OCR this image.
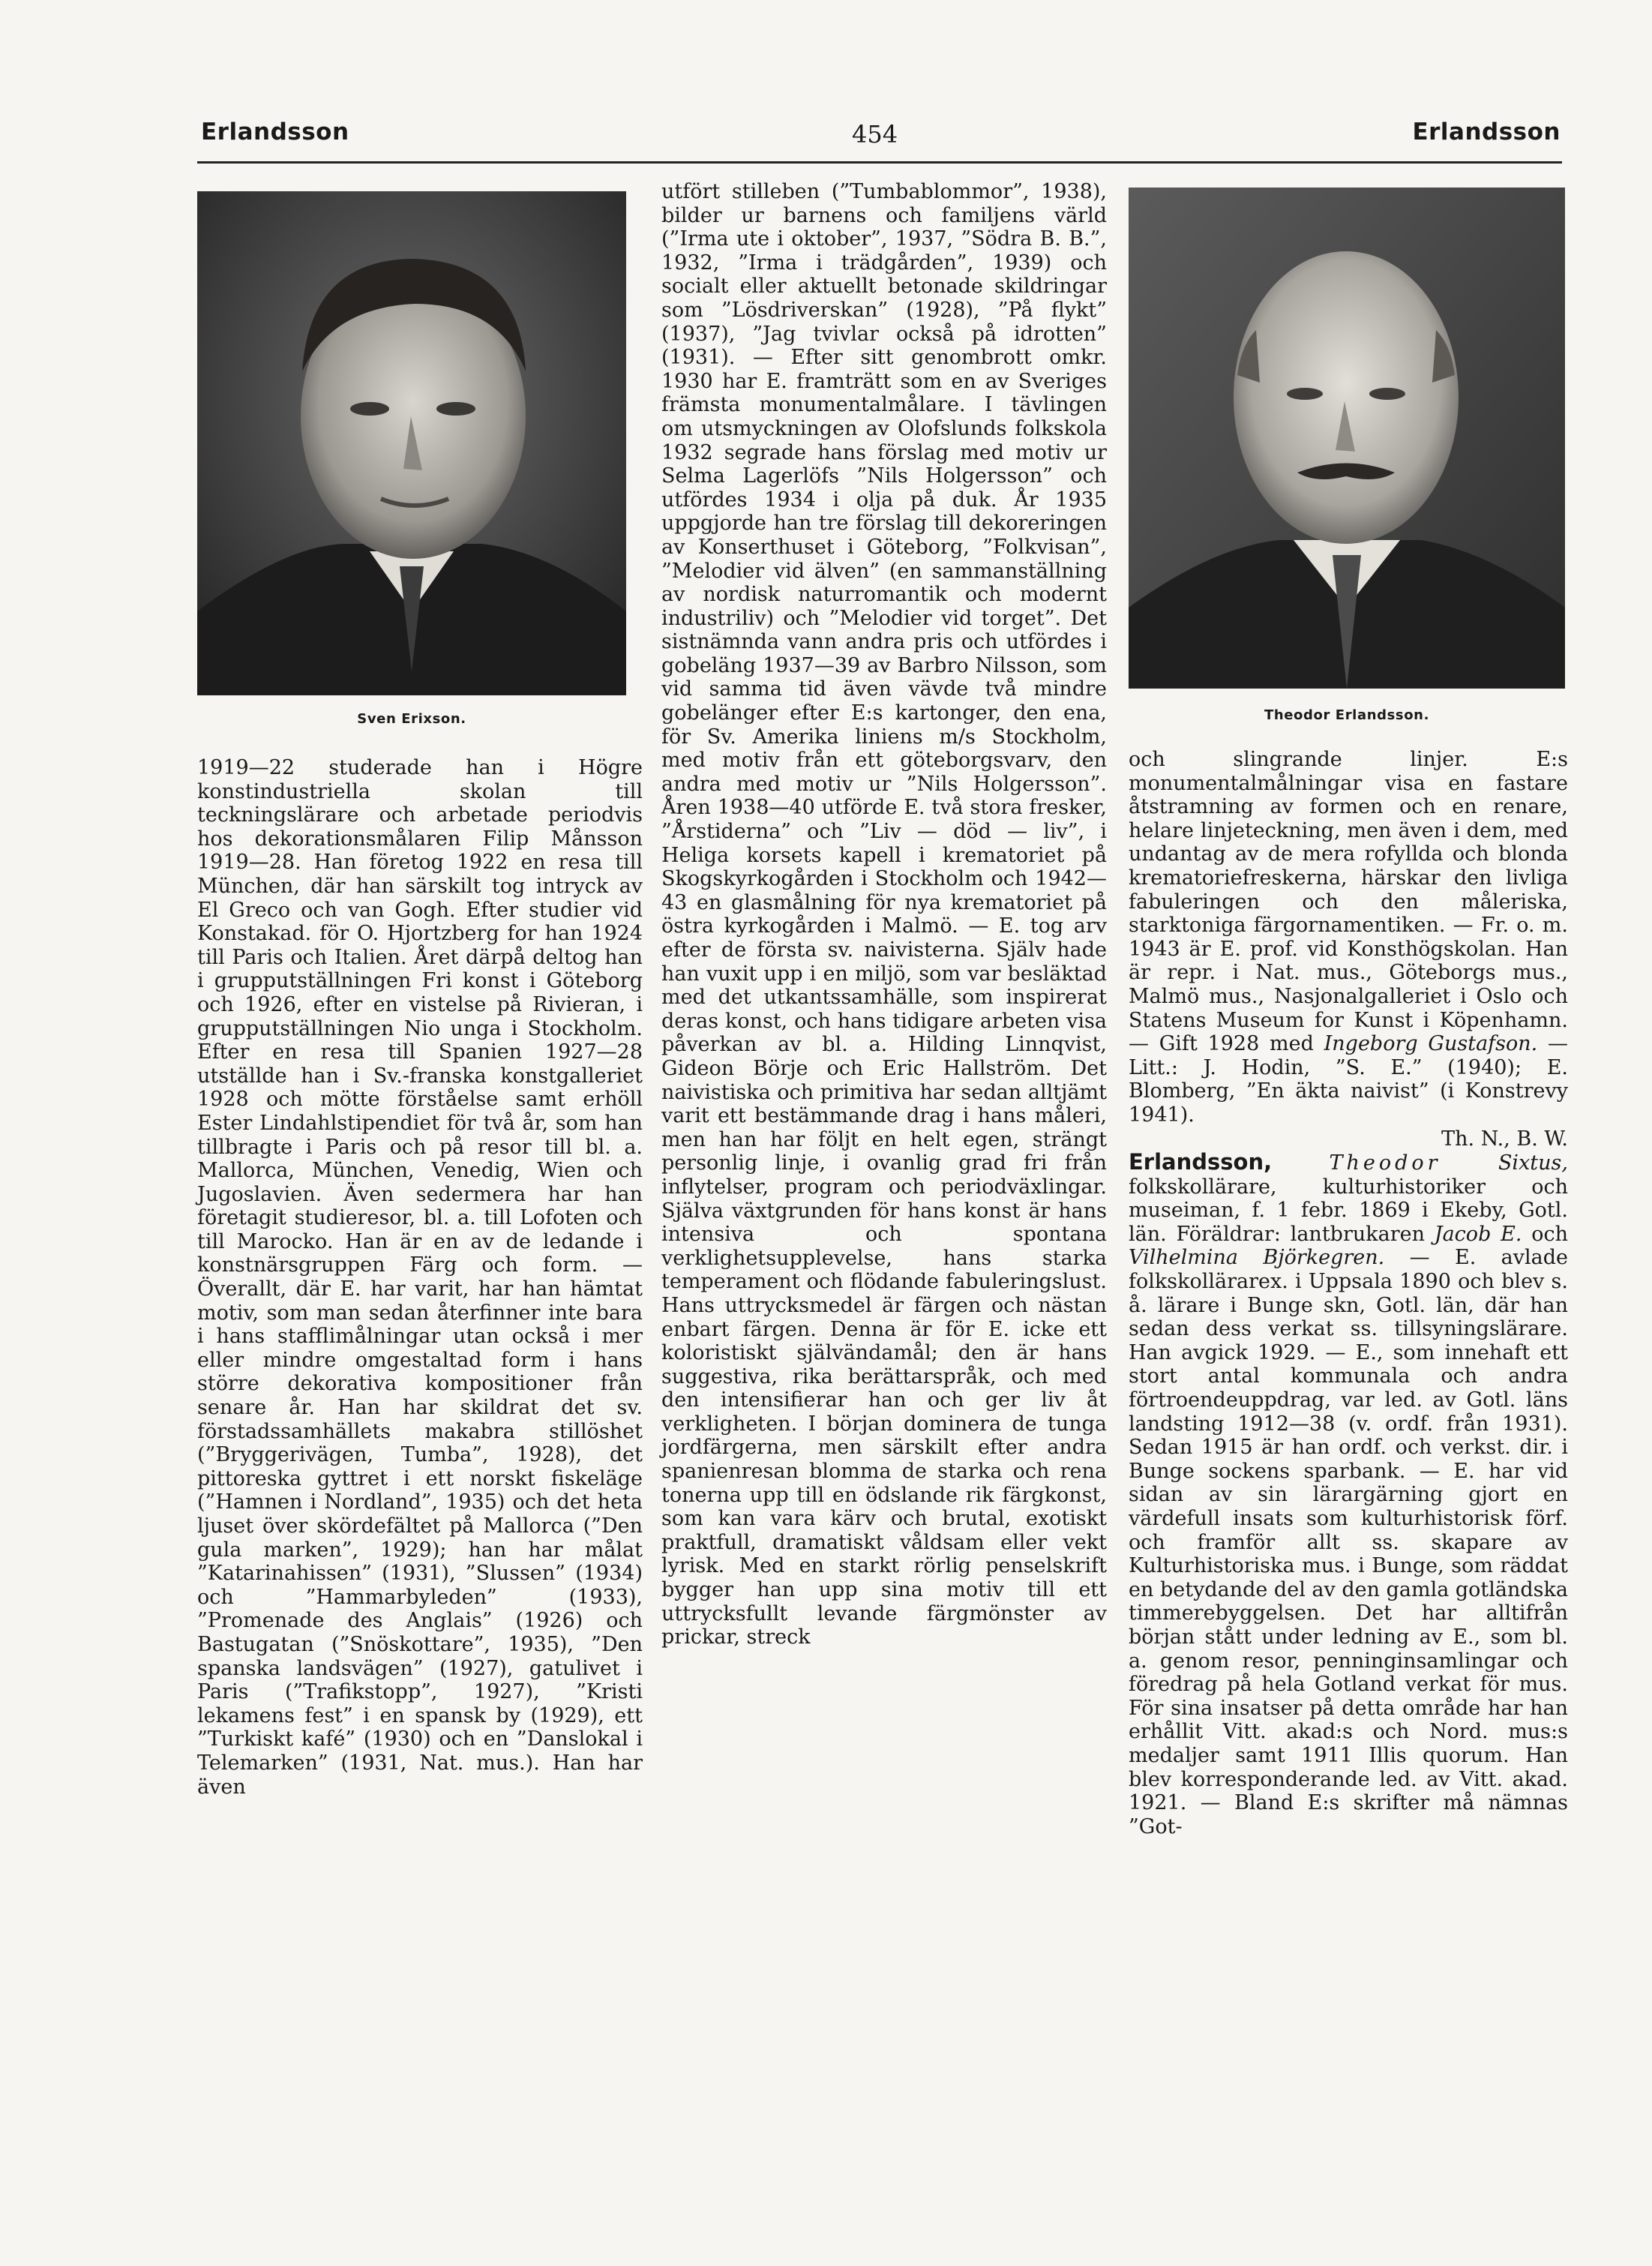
Erlandsson	454	Erlandsson
Sven Erixson.	Theodor Erlandsson.

1919—22 studerade han i Högre konstindustriella skolan till teckningslärare och arbetade periodvis hos dekorationsmålaren Filip Månsson 1919—28. Han företog 1922 en resa till München, där han särskilt tog intryck av El Greco och van Gogh. Efter studier vid Konstakad. för O. Hjortzberg for han 1924 till Paris och Italien. Året därpå deltog han i grupputställningen Fri konst i Göteborg och 1926, efter en vistelse på Rivieran, i grupputställningen Nio unga i Stockholm. Efter en resa till Spanien 1927—28 utställde han i Sv.-franska konstgalleriet 1928 och mötte förståelse samt erhöll Ester Lindahlstipendiet för två år, som han tillbragte i Paris och på resor till bl. a. Mallorca, München, Venedig, Wien och Jugoslavien. Även sedermera har han företagit studieresor, bl. a. till Lofoten och till Marocko. Han är en av de ledande i konstnärsgruppen Färg och form. — Överallt, där E. har varit, har han hämtat motiv, som man sedan återfinner inte bara i hans stafflimålningar utan också i mer eller mindre omgestaltad form i hans större dekorativa kompositioner från senare år. Han har skildrat det sv. förstadssamhällets makabra stillöshet (”Bryggerivägen, Tumba”, 1928), det pittoreska gyttret i ett norskt fiskeläge (”Hamnen i Nordland”, 1935) och det heta ljuset över skördefältet på Mallorca (”Den gula marken”, 1929); han har målat ”Katarinahissen” (1931), ”Slussen” (1934) och ”Hammarbyleden” (1933), ”Promenade des Anglais” (1926) och Bastugatan (”Snöskottare”, 1935), ”Den spanska landsvägen” (1927), gatulivet i Paris (”Trafikstopp”, 1927), ”Kristi lekamens fest” i en spansk by (1929), ett ”Turkiskt kafé” (1930) och en ”Danslokal i Telemarken” (1931, Nat. mus.). Han har även

utfört stilleben (”Tumbablommor”, 1938), bilder ur barnens och familjens värld (”Irma ute i oktober”, 1937, ”Södra B. B.”, 1932, ”Irma i trädgården”, 1939) och socialt eller aktuellt betonade skildringar som ”Lösdriverskan” (1928), ”På flykt” (1937), ”Jag tvivlar också på idrotten” (1931). — Efter sitt genombrott omkr. 1930 har E. framträtt som en av Sveriges främsta monumentalmålare. I tävlingen om utsmyckningen av Olofslunds folkskola 1932 segrade hans förslag med motiv ur Selma Lagerlöfs ”Nils Holgersson” och utfördes 1934 i olja på duk. År 1935 uppgjorde han tre förslag till dekoreringen av Konserthuset i Göteborg, ”Folkvisan”, ”Melodier vid älven” (en sammanställning av nordisk naturromantik och modernt industriliv) och ”Melodier vid torget”. Det sistnämnda vann andra pris och utfördes i gobeläng 1937—39 av Barbro Nilsson, som vid samma tid även vävde två mindre gobelänger efter E:s kartonger, den ena, för Sv. Amerika liniens m/s Stockholm, med motiv från ett göteborgsvarv, den andra med motiv ur ”Nils Holgersson”. Åren 1938—40 utförde E. två stora fresker, ”Årstiderna” och ”Liv — död — liv”, i Heliga korsets kapell i krematoriet på Skogskyrkogården i Stockholm och 1942—43 en glasmålning för nya krematoriet på östra kyrkogården i Malmö. — E. tog arv efter de första sv. naivisterna. Själv hade han vuxit upp i en miljö, som var besläktad med det utkantssamhälle, som inspirerat deras konst, och hans tidigare arbeten visa påverkan av bl. a. Hilding Linnqvist, Gideon Börje och Eric Hallström. Det naivistiska och primitiva har sedan alltjämt varit ett bestämmande drag i hans måleri, men han har följt en helt egen, strängt personlig linje, i ovanlig grad fri från inflytelser, program och periodväxlingar. Själva växtgrunden för hans konst är hans intensiva och spontana verklighetsupplevelse, hans starka temperament och flödande fabuleringslust. Hans uttrycksmedel är färgen och nästan enbart färgen. Denna är för E. icke ett koloristiskt självändamål; den är hans suggestiva, rika berättarspråk, och med den intensifierar han och ger liv åt verkligheten. I början dominera de tunga jordfärgerna, men särskilt efter andra spanienresan blomma de starka och rena tonerna upp till en ödslande rik färgkonst, som kan vara kärv och brutal, exotiskt praktfull, dramatiskt våldsam eller vekt lyrisk. Med en starkt rörlig penselskrift bygger han upp sina motiv till ett uttrycksfullt levande färgmönster av prickar, streck

och slingrande linjer. E:s monumentalmålningar visa en fastare åtstramning av formen och en renare, helare linjeteckning, men även i dem, med undantag av de mera rofyllda och blonda krematoriefreskerna, härskar den livliga fabuleringen och den måleriska, starktoniga färgornamentiken. — Fr. o. m. 1943 är E. prof. vid Konsthögskolan. Han är repr. i Nat. mus., Göteborgs mus., Malmö mus., Nasjonalgalleriet i Oslo och Statens Museum for Kunst i Köpenhamn. — Gift 1928 med Ingeborg Gustafson. — Litt.: J. Hodin, ”S. E.” (1940); E. Blomberg, ”En äkta naivist” (i Konstrevy 1941).

Th. N., B. W.

Erlandsson,	Theodor	Sixtus, folkskollärare, kulturhistoriker och museiman, f. 1 febr. 1869 i Ekeby, Gotl. län. Föräldrar: lantbrukaren Jacob E. och Vilhelmina Björkegren. — E. avlade folkskollärarex. i Uppsala 1890 och blev s. å. lärare i Bunge skn, Gotl. län, där han sedan dess verkat ss. tillsyningslärare. Han avgick 1929. — E., som innehaft ett stort antal kommunala och andra förtroendeuppdrag, var led. av Gotl. läns landsting 1912—38 (v. ordf. från 1931). Sedan 1915 är han ordf. och verkst. dir. i Bunge sockens sparbank. — E. har vid sidan av sin lärargärning gjort en värdefull insats som kulturhistorisk förf. och framför allt ss. skapare av Kulturhistoriska mus. i Bunge, som räddat en betydande del av den gamla gotländska timmerebyggelsen. Det har alltifrån början stått under ledning av E., som bl. a. genom resor, penninginsamlingar och föredrag på hela Gotland verkat för mus. För sina insatser på detta område har han erhållit Vitt. akad:s och Nord. mus:s medaljer samt 1911 Illis quorum. Han blev korresponderande led. av Vitt. akad. 1921. — Bland E:s skrifter må nämnas ”Got-
